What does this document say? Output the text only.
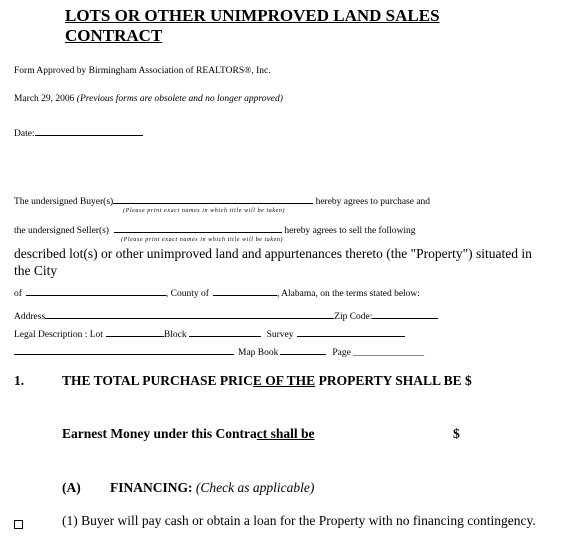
LOTS OR OTHER UNIMPROVED LAND SALES
CONTRACT
Form Approved by Birmingham Association of REALTORS®, Inc.
March 29, 2006 (Previous forms are obsolete and no longer approved)
Date:
The undersigned Buyer(s)	hereby agrees to purchase and
(Please print exact names in which title will be taken)
the undersigned Seller(s)	hereby agrees to sell the following
(Please print exact names in which title will be taken)
described lot(s) or other unimproved land and appurtenances thereto (the "Property") situated in
the City
of	, County of	, Alabama, on the terms stated below:
Address	Zip Code:
Legal Description : Lot	Block	Survey
Map Book	Page _______________
1.	THE TOTAL PURCHASE PRICE OF THE PROPERTY SHALL BE $
Earnest Money under this Contract shall be	$
(A) FINANCING: (Check as applicable)
(1) Buyer will pay cash or obtain a loan for the Property with no financing contingency.
